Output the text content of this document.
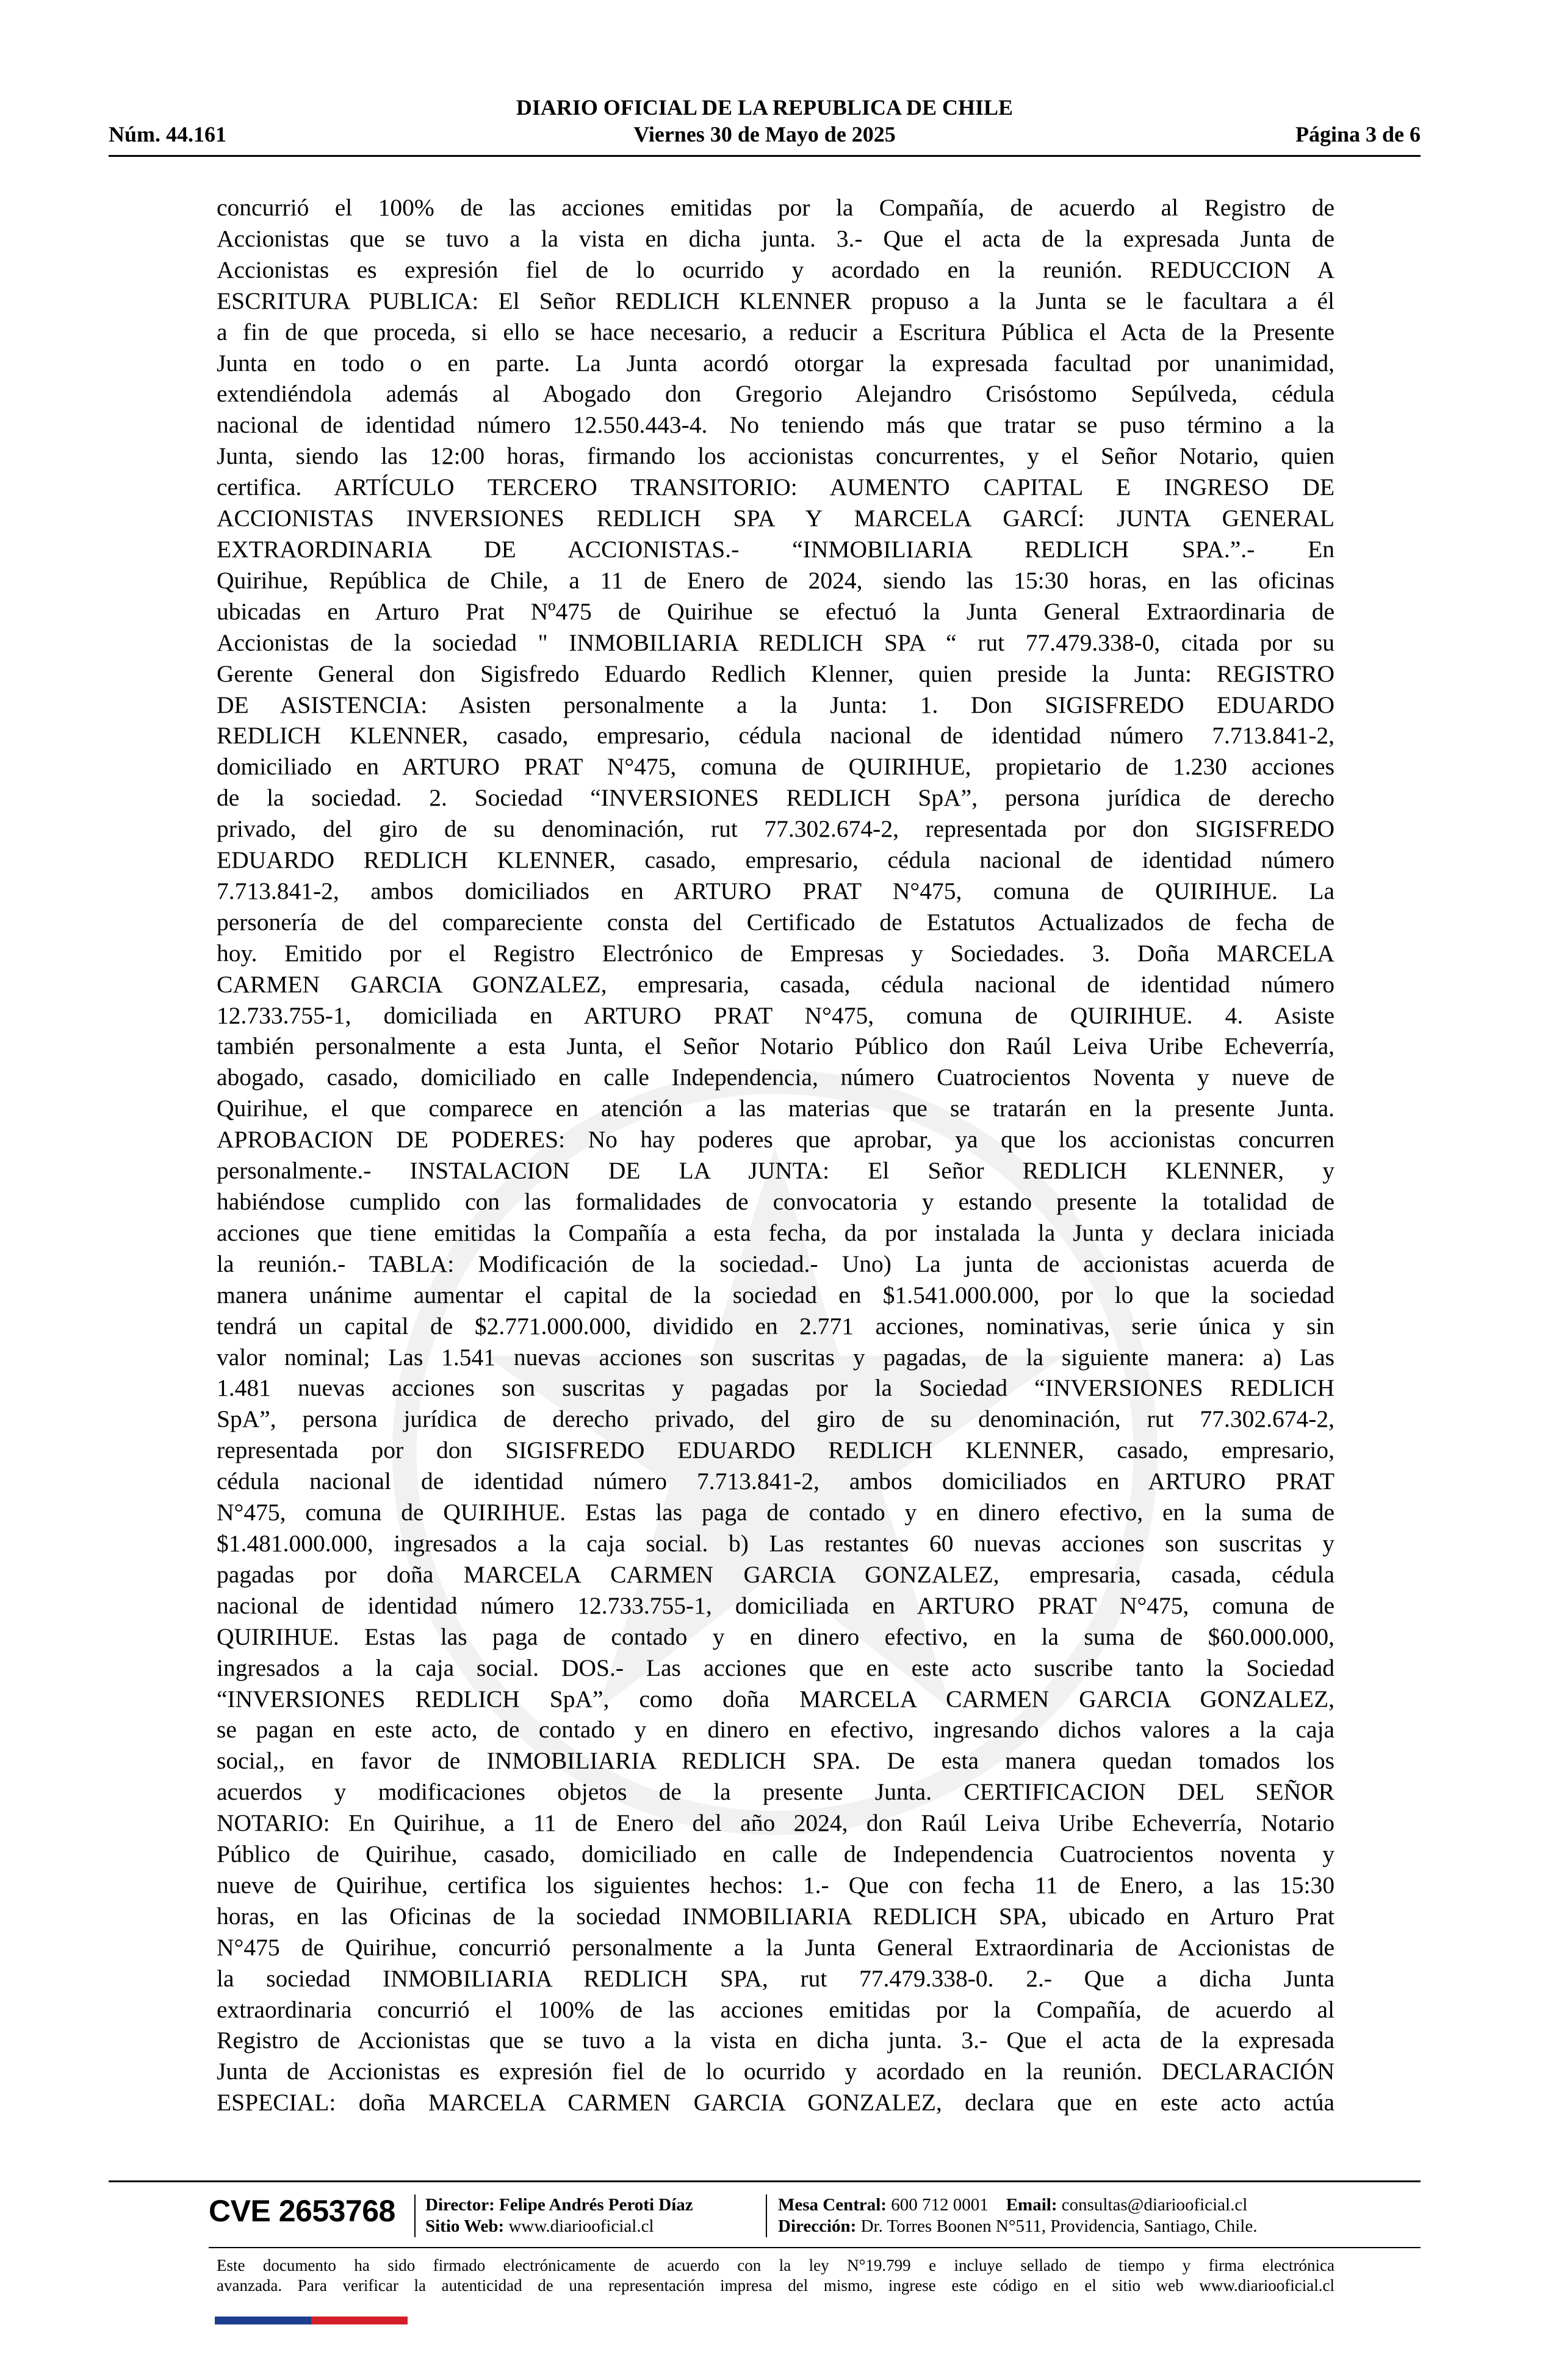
DIARIO OFICIAL DE LA REPUBLICA DE CHILE
Núm. 44.161	Viernes 30 de Mayo de 2025	Página 3 de 6
concurrió el 100% de las acciones emitidas por la Compañía, de acuerdo al Registro de
Accionistas que se tuvo a la vista en dicha junta. 3.- Que el acta de la expresada Junta de
Accionistas es expresión fiel de lo ocurrido y acordado en la reunión. REDUCCION A
ESCRITURA PUBLICA: El Señor REDLICH KLENNER propuso a la Junta se le facultara a él
a fin de que proceda, si ello se hace necesario, a reducir a Escritura Pública el Acta de la Presente
Junta en todo o en parte. La Junta acordó otorgar la expresada facultad por unanimidad,
extendiéndola además al Abogado don Gregorio Alejandro Crisóstomo Sepúlveda, cédula
nacional de identidad número 12.550.443-4. No teniendo más que tratar se puso término a la
Junta, siendo las 12:00 horas, firmando los accionistas concurrentes, y el Señor Notario, quien
certifica. ARTÍCULO TERCERO TRANSITORIO: AUMENTO CAPITAL E INGRESO DE
ACCIONISTAS INVERSIONES REDLICH SPA Y MARCELA GARCÍ: JUNTA GENERAL
EXTRAORDINARIA DE ACCIONISTAS.- “INMOBILIARIA REDLICH SPA.”.- En
Quirihue, República de Chile, a 11 de Enero de 2024, siendo las 15:30 horas, en las oficinas
ubicadas en Arturo Prat Nº475 de Quirihue se efectuó la Junta General Extraordinaria de
Accionistas de la sociedad " INMOBILIARIA REDLICH SPA “ rut 77.479.338-0, citada por su
Gerente General don Sigisfredo Eduardo Redlich Klenner, quien preside la Junta: REGISTRO
DE ASISTENCIA: Asisten personalmente a la Junta: 1. Don SIGISFREDO EDUARDO
REDLICH KLENNER, casado, empresario, cédula nacional de identidad número 7.713.841-2,
domiciliado en ARTURO PRAT N°475, comuna de QUIRIHUE, propietario de 1.230 acciones
de la sociedad. 2. Sociedad “INVERSIONES REDLICH SpA”, persona jurídica de derecho
privado, del giro de su denominación, rut 77.302.674-2, representada por don SIGISFREDO
EDUARDO REDLICH KLENNER, casado, empresario, cédula nacional de identidad número
7.713.841-2, ambos domiciliados en ARTURO PRAT N°475, comuna de QUIRIHUE. La
personería de del compareciente consta del Certificado de Estatutos Actualizados de fecha de
hoy. Emitido por el Registro Electrónico de Empresas y Sociedades. 3. Doña MARCELA
CARMEN GARCIA GONZALEZ, empresaria, casada, cédula nacional de identidad número
12.733.755-1, domiciliada en ARTURO PRAT N°475, comuna de QUIRIHUE. 4. Asiste
también personalmente a esta Junta, el Señor Notario Público don Raúl Leiva Uribe Echeverría,
abogado, casado, domiciliado en calle Independencia, número Cuatrocientos Noventa y nueve de
Quirihue, el que comparece en atención a las materias que se tratarán en la presente Junta.
APROBACION DE PODERES: No hay poderes que aprobar, ya que los accionistas concurren
personalmente.- INSTALACION DE LA JUNTA: El Señor REDLICH KLENNER, y
habiéndose cumplido con las formalidades de convocatoria y estando presente la totalidad de
acciones que tiene emitidas la Compañía a esta fecha, da por instalada la Junta y declara iniciada
la reunión.- TABLA: Modificación de la sociedad.- Uno) La junta de accionistas acuerda de
manera unánime aumentar el capital de la sociedad en $1.541.000.000, por lo que la sociedad
tendrá un capital de $2.771.000.000, dividido en 2.771 acciones, nominativas, serie única y sin
valor nominal; Las 1.541 nuevas acciones son suscritas y pagadas, de la siguiente manera: a) Las
1.481 nuevas acciones son suscritas y pagadas por la Sociedad “INVERSIONES REDLICH
SpA”, persona jurídica de derecho privado, del giro de su denominación, rut 77.302.674-2,
representada por don SIGISFREDO EDUARDO REDLICH KLENNER, casado, empresario,
cédula nacional de identidad número 7.713.841-2, ambos domiciliados en ARTURO PRAT
N°475, comuna de QUIRIHUE. Estas las paga de contado y en dinero efectivo, en la suma de
$1.481.000.000, ingresados a la caja social. b) Las restantes 60 nuevas acciones son suscritas y
pagadas por doña MARCELA CARMEN GARCIA GONZALEZ, empresaria, casada, cédula
nacional de identidad número 12.733.755-1, domiciliada en ARTURO PRAT N°475, comuna de
QUIRIHUE. Estas las paga de contado y en dinero efectivo, en la suma de $60.000.000,
ingresados a la caja social. DOS.- Las acciones que en este acto suscribe tanto la Sociedad
“INVERSIONES REDLICH SpA”, como doña MARCELA CARMEN GARCIA GONZALEZ,
se pagan en este acto, de contado y en dinero en efectivo, ingresando dichos valores a la caja
social,, en favor de INMOBILIARIA REDLICH SPA. De esta manera quedan tomados los
acuerdos y modificaciones objetos de la presente Junta. CERTIFICACION DEL SEÑOR
NOTARIO: En Quirihue, a 11 de Enero del año 2024, don Raúl Leiva Uribe Echeverría, Notario
Público de Quirihue, casado, domiciliado en calle de Independencia Cuatrocientos noventa y
nueve de Quirihue, certifica los siguientes hechos: 1.- Que con fecha 11 de Enero, a las 15:30
horas, en las Oficinas de la sociedad INMOBILIARIA REDLICH SPA, ubicado en Arturo Prat
N°475 de Quirihue, concurrió personalmente a la Junta General Extraordinaria de Accionistas de
la sociedad INMOBILIARIA REDLICH SPA, rut 77.479.338-0. 2.- Que a dicha Junta
extraordinaria concurrió el 100% de las acciones emitidas por la Compañía, de acuerdo al
Registro de Accionistas que se tuvo a la vista en dicha junta. 3.- Que el acta de la expresada
Junta de Accionistas es expresión fiel de lo ocurrido y acordado en la reunión. DECLARACIÓN
ESPECIAL: doña MARCELA CARMEN GARCIA GONZALEZ, declara que en este acto actúa
CVE 2653768 Director: Felipe Andrés Peroti Díaz
Sitio Web: www.diariooficial.cl
Mesa Central: 600 712 0001 Email: consultas@diariooficial.cl
Dirección: Dr. Torres Boonen N°511, Providencia, Santiago, Chile.
Este documento ha sido firmado electrónicamente de acuerdo con la ley N°19.799 e incluye sellado de tiempo y firma electrónica
avanzada. Para verificar la autenticidad de una representación impresa del mismo, ingrese este código en el sitio web www.diariooficial.cl
